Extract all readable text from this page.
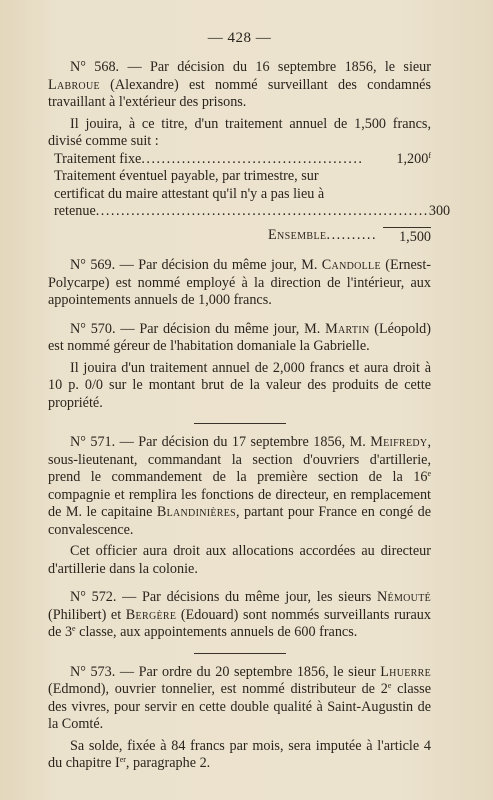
— 428 —

N° 568. — Par décision du 16 septembre 1856, le sieur Labroue (Alexandre) est nommé surveillant des condamnés travaillant à l'extérieur des prisons.

Il jouira, à ce titre, d'un traitement annuel de 1,500 francs, divisé comme suit :

Traitement fixe ............................................	1,200$^f$
Traitement éventuel payable, par trimestre, sur certificat du maire attestant qu'il n'y a pas lieu à
retenue .................................................................. 300
Ensemble ..........	1,500

N° 569. — Par décision du même jour, M. Candolle (Ernest-Polycarpe) est nommé employé à la direction de l'intérieur, aux appointements annuels de 1,000 francs.

N° 570. — Par décision du même jour, M. Martin (Léopold) est nommé géreur de l'habitation domaniale la Gabrielle.

Il jouira d'un traitement annuel de 2,000 francs et aura droit à 10 p. 0/0 sur le montant brut de la valeur des produits de cette propriété.

N° 571. — Par décision du 17 septembre 1856, M. Meifredy, sous-lieutenant, commandant la section d'ouvriers d'artillerie, prend le commandement de la première section de la 16e compagnie et remplira les fonctions de directeur, en remplacement de M. le capitaine Blandinières, partant pour France en congé de convalescence.

Cet officier aura droit aux allocations accordées au directeur d'artillerie dans la colonie.

N° 572. — Par décisions du même jour, les sieurs Némouté (Philibert) et Bergère (Edouard) sont nommés surveillants ruraux de 3e classe, aux appointements annuels de 600 francs.

N° 573. — Par ordre du 20 septembre 1856, le sieur Lhuerre (Edmond), ouvrier tonnelier, est nommé distributeur de 2e classe des vivres, pour servir en cette double qualité à Saint-Augustin de la Comté.

Sa solde, fixée à 84 francs par mois, sera imputée à l'article 4 du chapitre Ier, paragraphe 2.
